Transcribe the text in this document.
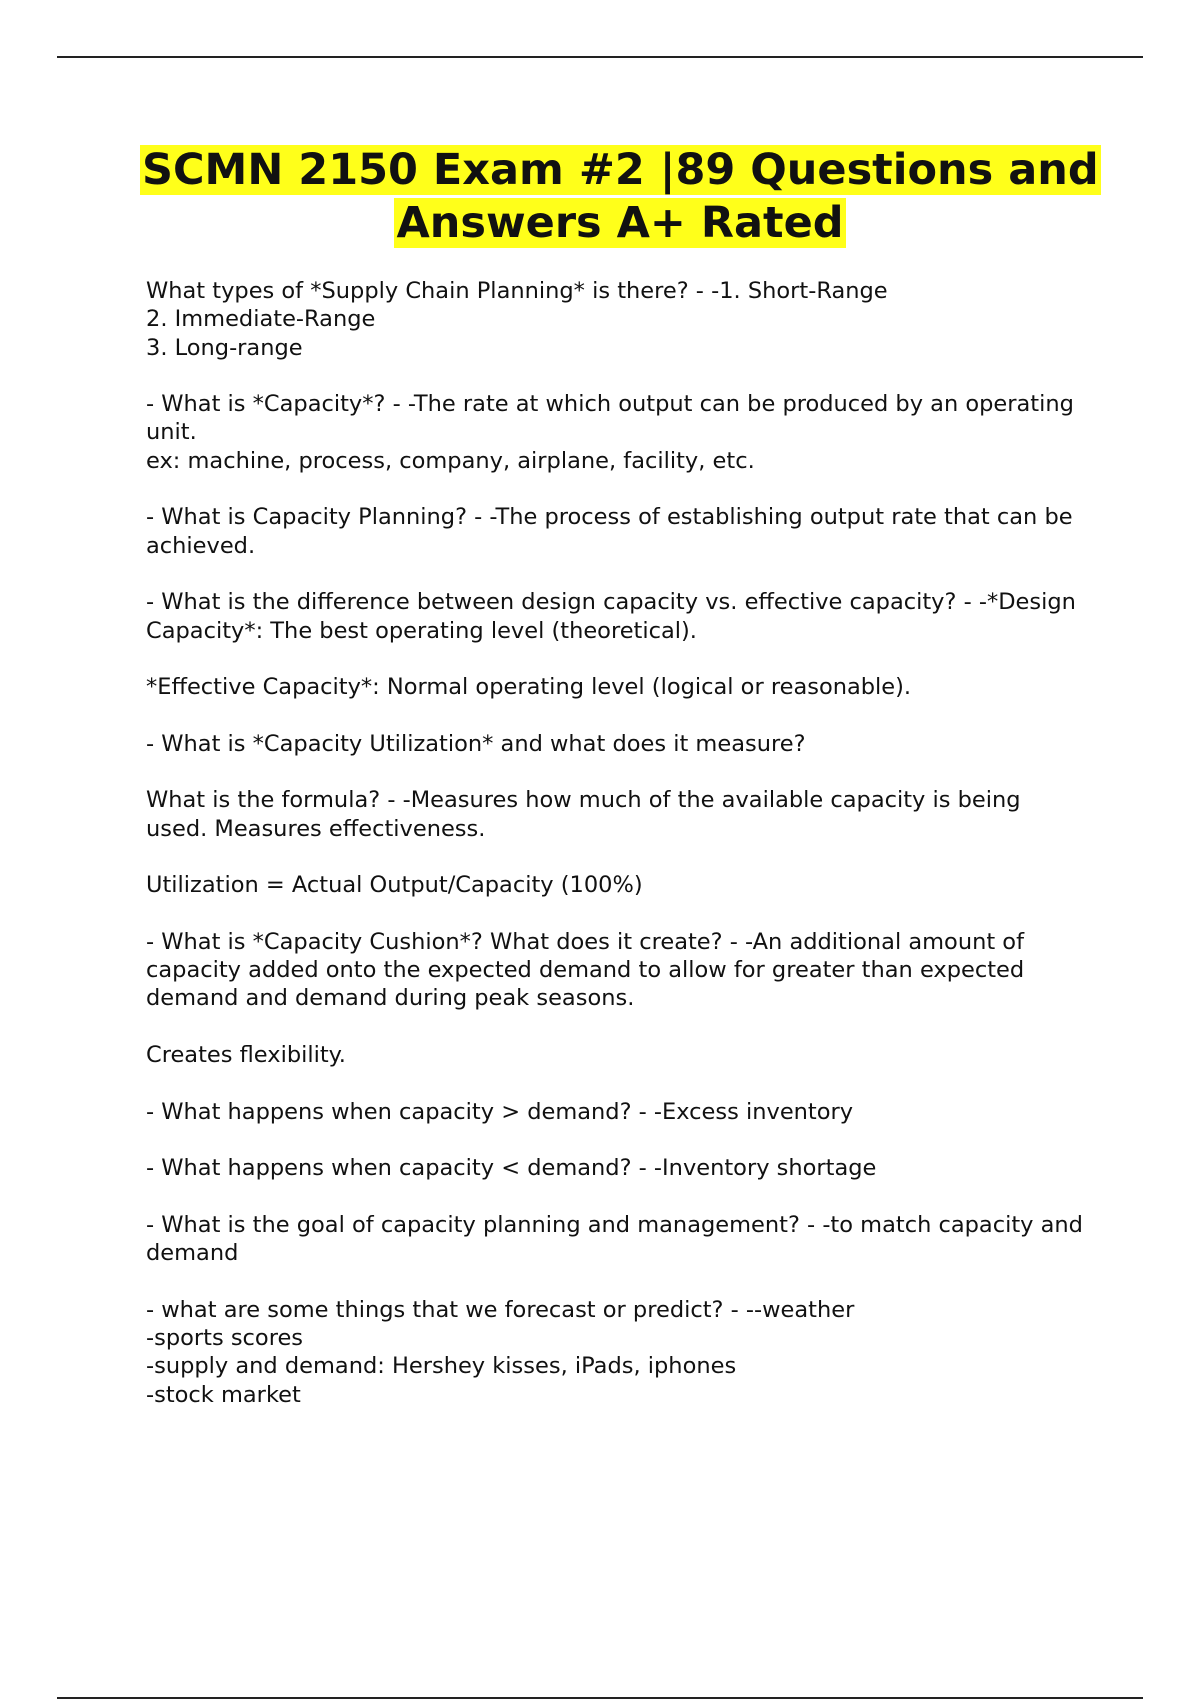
SCMN 2150 Exam #2 |89 Questions and Answers A+ Rated

What types of *Supply Chain Planning* is there? - -1. Short-Range
2. Immediate-Range
3. Long-range

- What is *Capacity*? - -The rate at which output can be produced by an operating unit.
ex: machine, process, company, airplane, facility, etc.

- What is Capacity Planning? - -The process of establishing output rate that can be achieved.

- What is the difference between design capacity vs. effective capacity? - -*Design Capacity*: The best operating level (theoretical).

*Effective Capacity*: Normal operating level (logical or reasonable).

- What is *Capacity Utilization* and what does it measure?

What is the formula? - -Measures how much of the available capacity is being used. Measures effectiveness.

Utilization = Actual Output/Capacity (100%)

- What is *Capacity Cushion*? What does it create? - -An additional amount of capacity added onto the expected demand to allow for greater than expected demand and demand during peak seasons.

Creates flexibility.

- What happens when capacity > demand? - -Excess inventory

- What happens when capacity < demand? - -Inventory shortage

- What is the goal of capacity planning and management? - -to match capacity and demand

- what are some things that we forecast or predict? - --weather
-sports scores
-supply and demand: Hershey kisses, iPads, iphones
-stock market
